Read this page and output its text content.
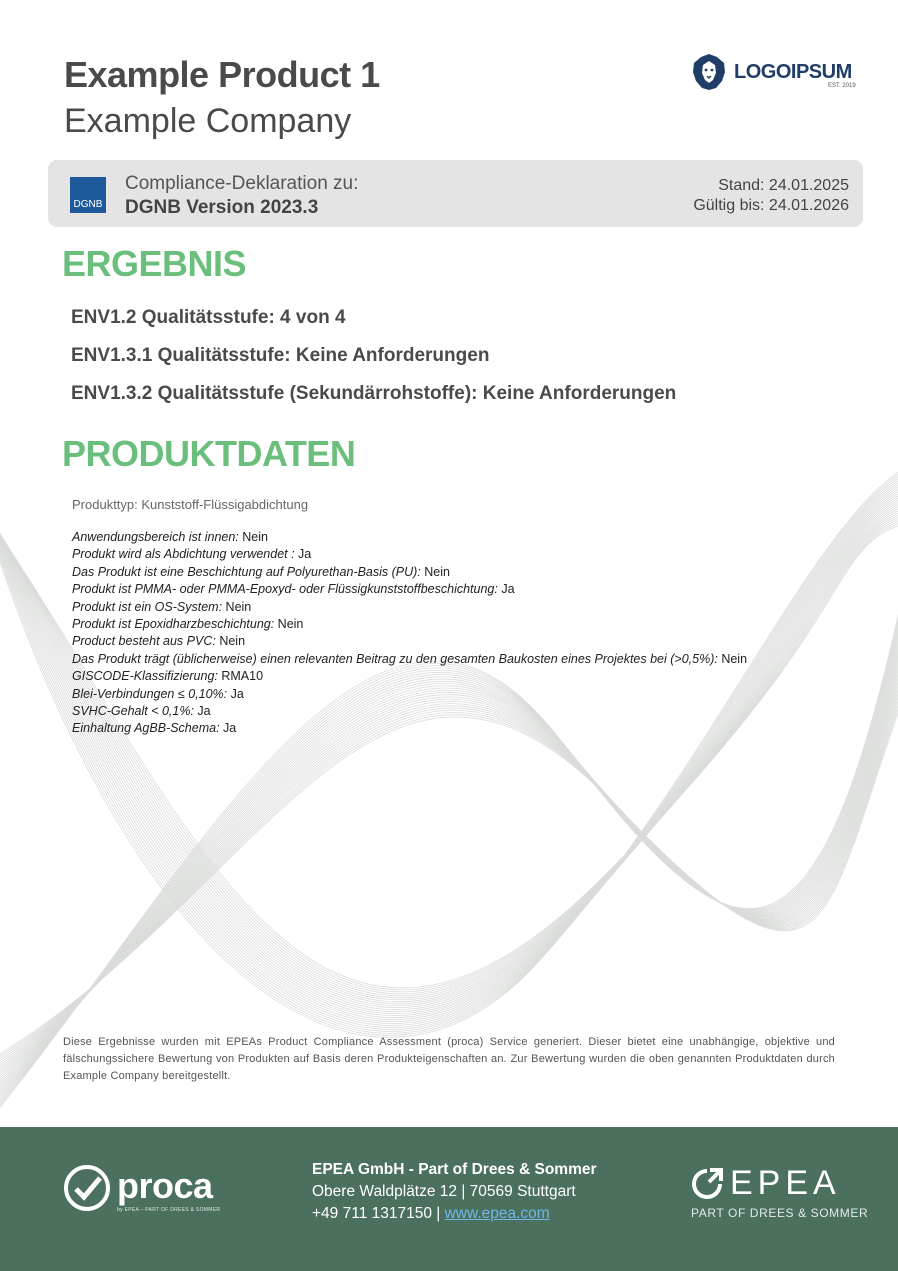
Example Product 1
Example Company
LOGOIPSUM
EST. 2019
DGNB
Compliance-Deklaration zu:
DGNB Version 2023.3
Stand: 24.01.2025
Gültig bis: 24.01.2026
ERGEBNIS
ENV1.2 Qualitätsstufe: 4 von 4
ENV1.3.1 Qualitätsstufe: Keine Anforderungen
ENV1.3.2 Qualitätsstufe (Sekundärrohstoffe): Keine Anforderungen
PRODUKTDATEN
Produkttyp: Kunststoff-Flüssigabdichtung
Anwendungsbereich ist innen: Nein
Produkt wird als Abdichtung verwendet : Ja
Das Produkt ist eine Beschichtung auf Polyurethan-Basis (PU): Nein
Produkt ist PMMA- oder PMMA-Epoxyd- oder Flüssigkunststoffbeschichtung: Ja
Produkt ist ein OS-System: Nein
Produkt ist Epoxidharzbeschichtung: Nein
Product besteht aus PVC: Nein
Das Produkt trägt (üblicherweise) einen relevanten Beitrag zu den gesamten Baukosten eines Projektes bei (>0,5%): Nein
GISCODE-Klassifizierung: RMA10
Blei-Verbindungen ≤ 0,10%: Ja
SVHC-Gehalt < 0,1%: Ja
Einhaltung AgBB-Schema: Ja
Diese Ergebnisse wurden mit EPEAs Product Compliance Assessment (proca) Service generiert. Dieser bietet eine unabhängige, objektive und fälschungssichere Bewertung von Produkten auf Basis deren Produkteigenschaften an. Zur Bewertung wurden die oben genannten Produktdaten durch Example Company bereitgestellt.
proca
by EPEA – PART OF DREES & SOMMER
EPEA GmbH - Part of Drees & Sommer
Obere Waldplätze 12 | 70569 Stuttgart
+49 711 1317150 | www.epea.com
EPEA
PART OF DREES & SOMMER
